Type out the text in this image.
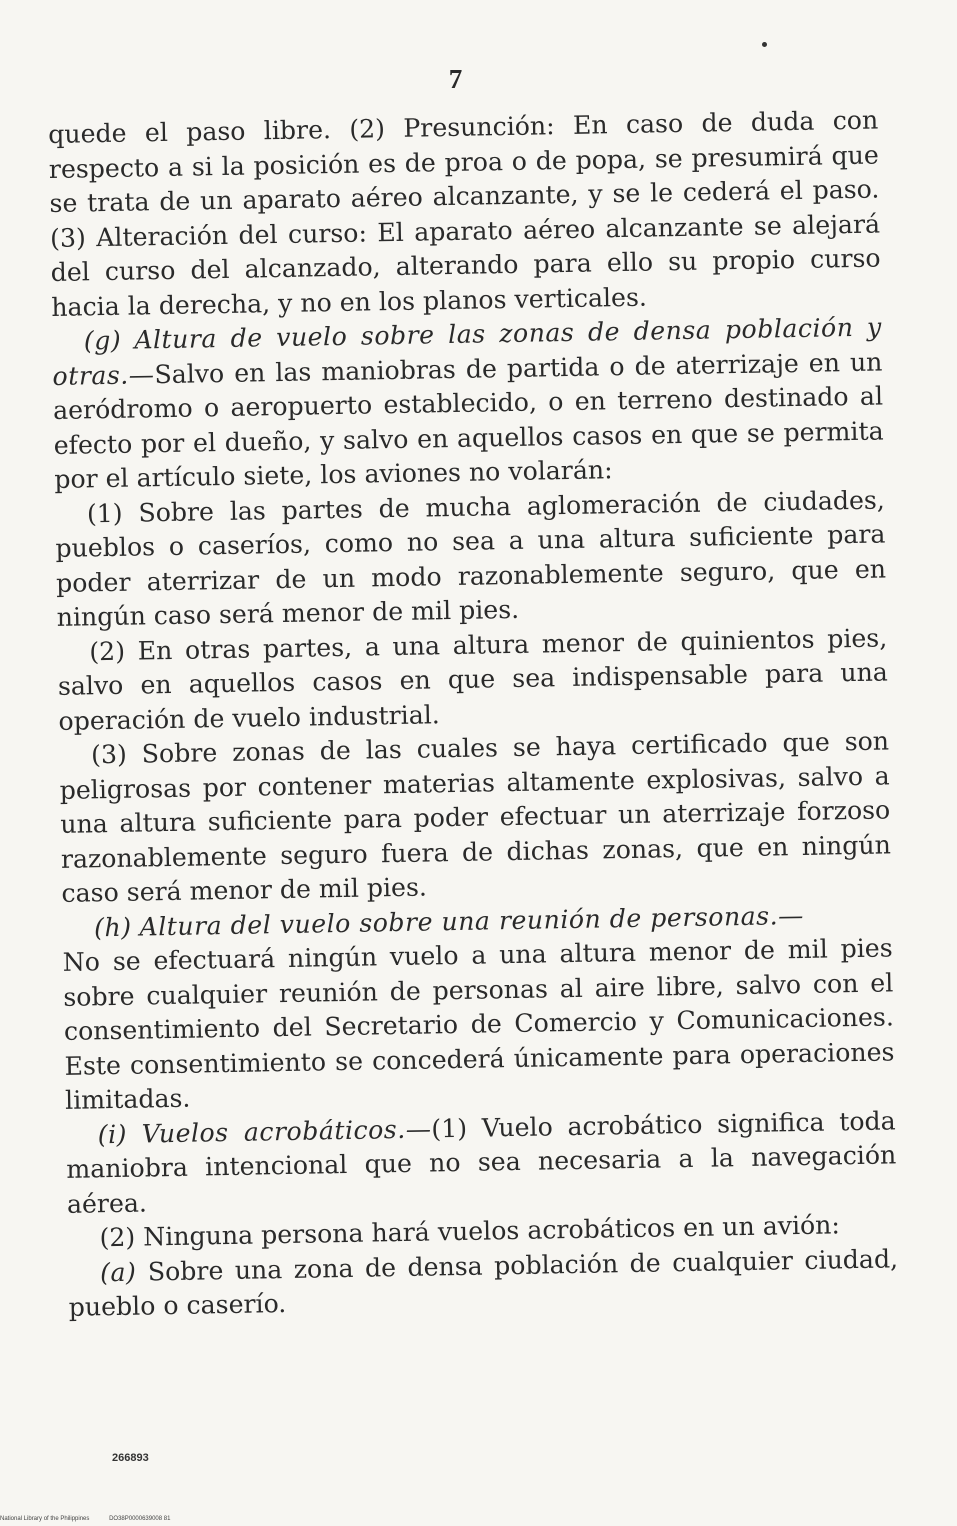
7

quede el paso libre. (2) Presunción: En caso de duda con respecto a si la posición es de proa o de popa, se presumirá que se trata de un aparato aéreo alcanzante, y se le cederá el paso. (3) Alteración del curso: El aparato aéreo alcanzante se alejará del curso del alcanzado, alterando para ello su propio curso hacia la derecha, y no en los planos verticales.

(g) Altura de vuelo sobre las zonas de densa población y otras.—Salvo en las maniobras de partida o de aterrizaje en un aeródromo o aeropuerto establecido, o en terreno destinado al efecto por el dueño, y salvo en aquellos casos en que se permita por el artículo siete, los aviones no volarán:

(1) Sobre las partes de mucha aglomeración de ciudades, pueblos o caseríos, como no sea a una altura suficiente para poder aterrizar de un modo razonablemente seguro, que en ningún caso será menor de mil pies.

(2) En otras partes, a una altura menor de quinientos pies, salvo en aquellos casos en que sea indispensable para una operación de vuelo industrial.

(3) Sobre zonas de las cuales se haya certificado que son peligrosas por contener materias altamente explosivas, salvo a una altura suficiente para poder efectuar un aterrizaje forzoso razonablemente seguro fuera de dichas zonas, que en ningún caso será menor de mil pies.

(h) Altura del vuelo sobre una reunión de personas.—
No se efectuará ningún vuelo a una altura menor de mil pies sobre cualquier reunión de personas al aire libre, salvo con el consentimiento del Secretario de Comercio y Comunicaciones. Este consentimiento se concederá únicamente para operaciones limitadas.

(i) Vuelos acrobáticos.—(1) Vuelo acrobático significa toda maniobra intencional que no sea necesaria a la navegación aérea.

(2) Ninguna persona hará vuelos acrobáticos en un avión:

(a) Sobre una zona de densa población de cualquier ciudad, pueblo o caserío.

266893
National Library of the Philippines	DO38P0000639008 81
